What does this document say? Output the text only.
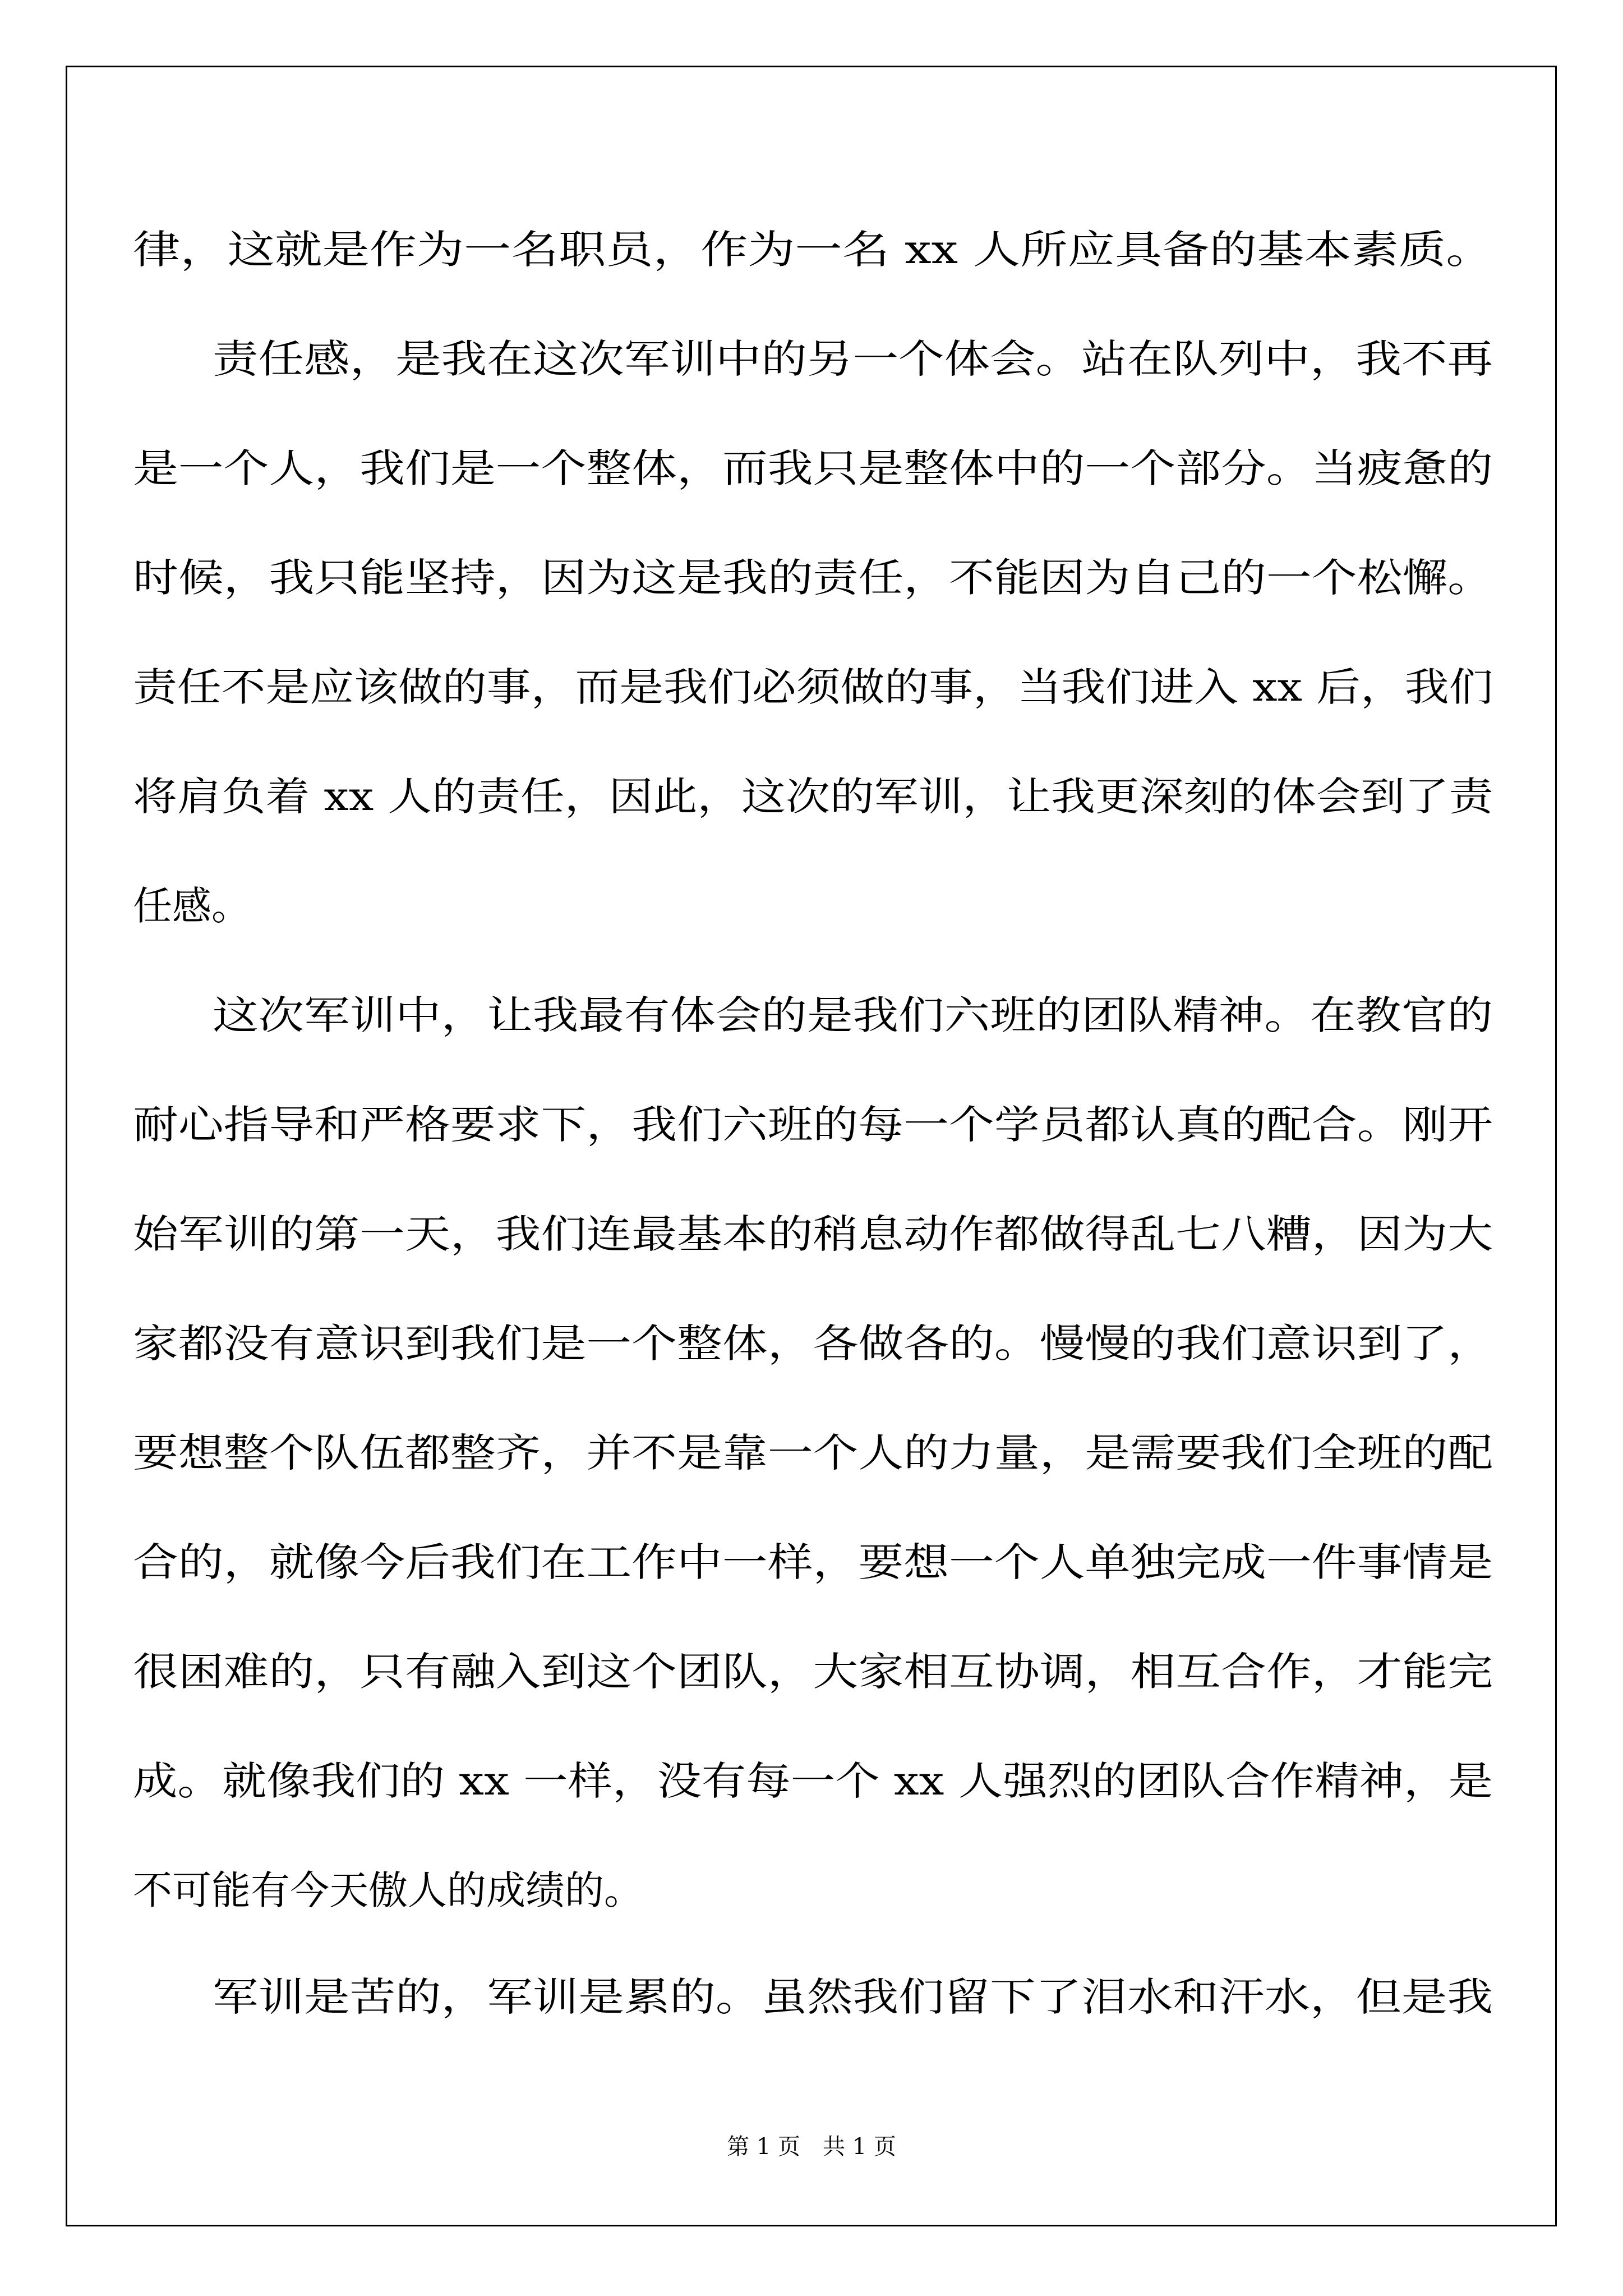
律，这就是作为一名职员，作为一名 xx 人所应具备的基本素质。
责任感，是我在这次军训中的另一个体会。站在队列中，我不再
是一个人，我们是一个整体，而我只是整体中的一个部分。当疲惫的
时候，我只能坚持，因为这是我的责任，不能因为自己的一个松懈。
责任不是应该做的事，而是我们必须做的事，当我们进入 xx 后，我们
将肩负着 xx 人的责任，因此，这次的军训，让我更深刻的体会到了责
任感。
这次军训中，让我最有体会的是我们六班的团队精神。在教官的
耐心指导和严格要求下，我们六班的每一个学员都认真的配合。刚开
始军训的第一天，我们连最基本的稍息动作都做得乱七八糟，因为大
家都没有意识到我们是一个整体，各做各的。慢慢的我们意识到了，
要想整个队伍都整齐，并不是靠一个人的力量，是需要我们全班的配
合的，就像今后我们在工作中一样，要想一个人单独完成一件事情是
很困难的，只有融入到这个团队，大家相互协调，相互合作，才能完
成。就像我们的 xx 一样，没有每一个 xx 人强烈的团队合作精神，是
不可能有今天傲人的成绩的。
军训是苦的，军训是累的。虽然我们留下了泪水和汗水，但是我
第 1 页　共 1 页
